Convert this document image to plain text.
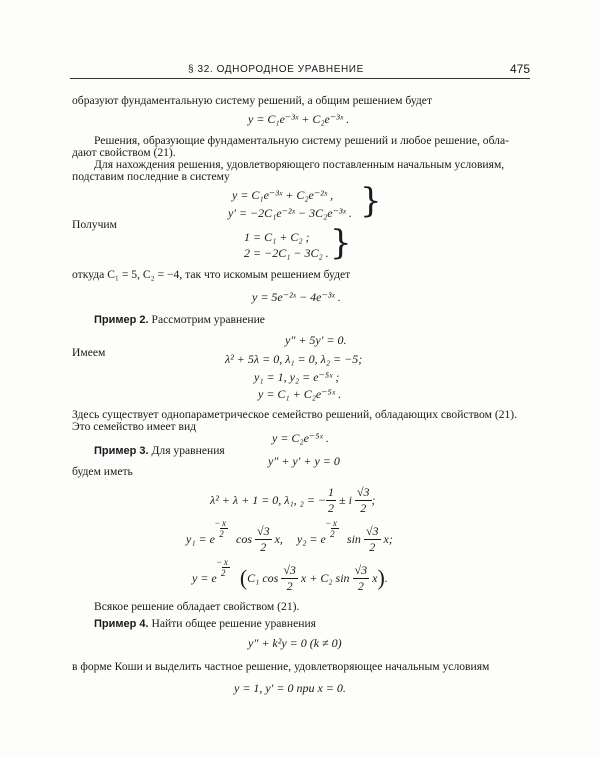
§ 32. ОДНОРОДНОЕ УРАВНЕНИЕ	475
образуют фундаментальную систему решений, а общим решением будет
y = C₁e⁻³ˣ + C₂e⁻³ˣ .
Решения, образующие фундаментальную систему решений и любое решение, обла-
дают свойством (21).
Для нахождения решения, удовлетворяющего поставленным начальным условиям,
подставим последние в систему
y = C₁e⁻³ˣ + C₂e⁻²ˣ ,
y′ = −2C₁e⁻²ˣ − 3C₂e⁻³ˣ . }
Получим
1 = C₁ + C₂ ;
2 = −2C₁ − 3C₂ . }
откуда C₁ = 5, C₂ = −4, так что искомым решением будет
y = 5e⁻²ˣ − 4e⁻³ˣ .
Пример 2. Рассмотрим уравнение
y″ + 5y′ = 0.
Имеем	λ² + 5λ = 0, λ₁ = 0, λ₂ = −5;
y₁ = 1, y₂ = e⁻⁵ˣ ;
y = C₁ + C₂e⁻⁵ˣ .
Здесь существует однопараметрическое семейство решений, обладающих свойством (21).
Это семейство имеет вид
y = C₂e⁻⁵ˣ .
Пример 3. Для уравнения
y″ + y′ + y = 0
будем иметь
λ² + λ + 1 = 0, λ₁, ₂ = − $\frac{1}{2} \pm i \frac{√3}{2}$ ;
y₁ = e
− x
2	$\cos \frac{√3}{2} x$, y₂ = e
− x
2	$\sin \frac{√3}{2} x$;
y = e
− x
2 ( C₁ $\cos \frac{√3}{2}$ x + C₂ $\sin \frac{√3}{2}$ x ) .
Всякое решение обладает свойством (21).
Пример 4. Найти общее решение уравнения
y″ + k²y = 0 (k ≠ 0)
в форме Коши и выделить частное решение, удовлетворяющее начальным условиям
y = 1, y′ = 0 при x = 0.
